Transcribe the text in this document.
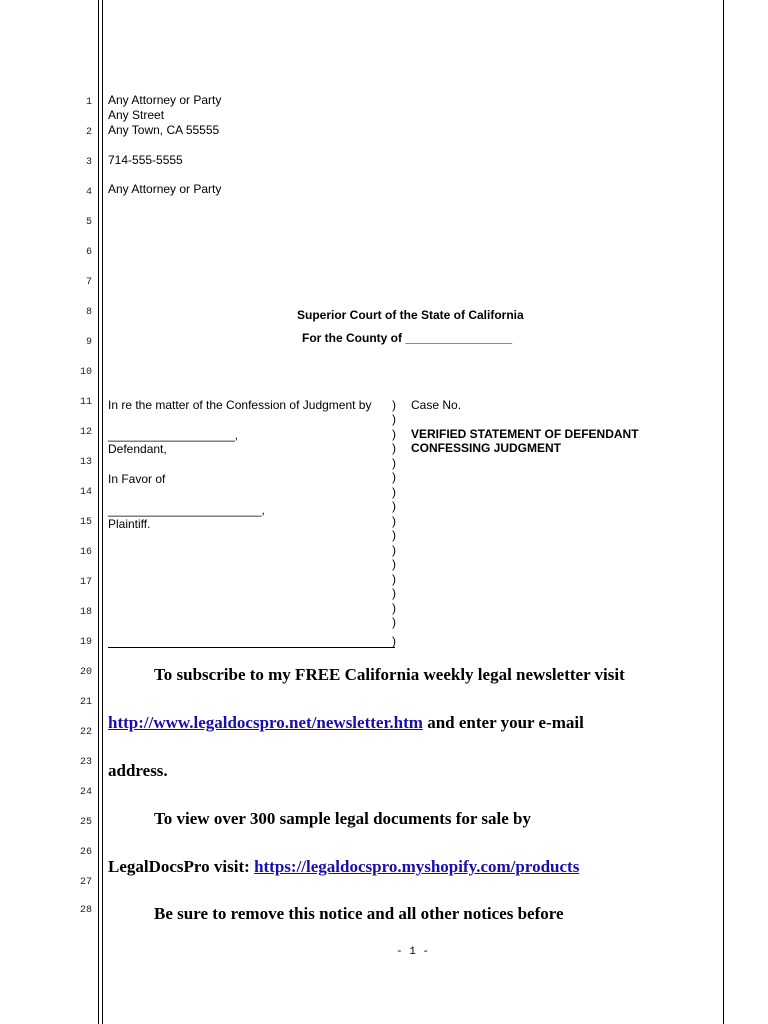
1
2
3
4
5
6
7
8
9
10
11
12
13
14
15
16
17
18
19
20
21
22
23
24
25
26
27
28
Any Attorney or Party
Any Street
Any Town, CA 55555
714-555-5555
Any Attorney or Party
Superior Court of the State of California
For the County of ________________
In re the matter of the Confession of Judgment by
___________________,
Defendant,
In Favor of
_______________________,
Plaintiff.
)
)
)
)
)
)
)
)
)
)
)
)
)
)
)
)
)
Case No.
VERIFIED STATEMENT OF DEFENDANT
CONFESSING JUDGMENT
To subscribe to my FREE California weekly legal newsletter visit
http://www.legaldocspro.net/newsletter.htm and enter your e-mail
address.
To view over 300 sample legal documents for sale by
LegalDocsPro visit: https://legaldocspro.myshopify.com/products
Be sure to remove this notice and all other notices before
- 1 -
